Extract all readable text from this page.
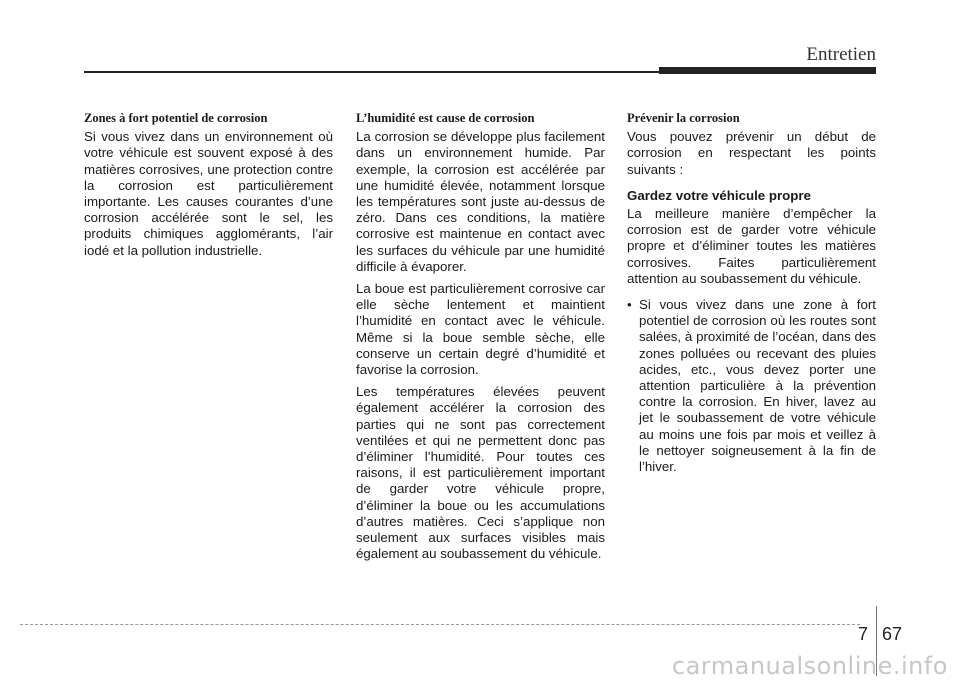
Entretien
Zones à fort potentiel de corrosion

Si vous vivez dans un environnement où votre véhicule est souvent exposé à des matières corrosives, une protection contre la corrosion est particulièrement importante. Les causes courantes d’une corrosion accélérée sont le sel, les produits chimiques agglomérants, l’air iodé et la pollution industrielle.

L’humidité est cause de corrosion

La corrosion se développe plus facilement dans un environnement humide. Par exemple, la corrosion est accélérée par une humidité élevée, notamment lorsque les températures sont juste au-dessus de zéro. Dans ces conditions, la matière corrosive est maintenue en contact avec les surfaces du véhicule par une humidité difficile à évaporer.

La boue est particulièrement corrosive car elle sèche lentement et maintient l’humidité en contact avec le véhicule. Même si la boue semble sèche, elle conserve un certain degré d’humidité et favorise la corrosion.

Les températures élevées peuvent également accélérer la corrosion des parties qui ne sont pas correctement ventilées et qui ne permettent donc pas d’éliminer l’humidité. Pour toutes ces raisons, il est particulièrement important de garder votre véhicule propre, d’éliminer la boue ou les accumulations d’autres matières. Ceci s’applique non seulement aux surfaces visibles mais également au soubassement du véhicule.

Prévenir la corrosion

Vous pouvez prévenir un début de corrosion en respectant les points suivants :

Gardez votre véhicule propre

La meilleure manière d’empêcher la corrosion est de garder votre véhicule propre et d’éliminer toutes les matières corrosives. Faites particulièrement attention au soubassement du véhicule.

• Si vous vivez dans une zone à fort potentiel de corrosion où les routes sont salées, à proximité de l’océan, dans des zones polluées ou recevant des pluies acides, etc., vous devez porter une attention particulière à la prévention contre la corrosion. En hiver, lavez au jet le soubassement de votre véhicule au moins une fois par mois et veillez à le nettoyer soigneusement à la fin de l’hiver.
7 67
carmanualsonline.info
